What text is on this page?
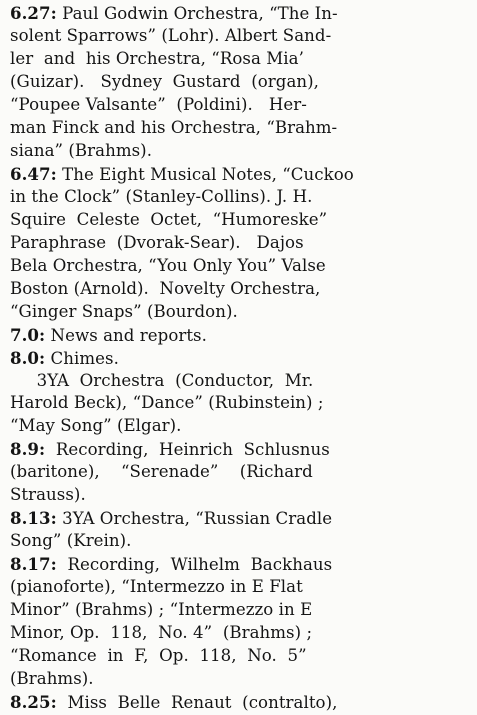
6.27: Paul Godwin Orchestra, “The In-
solent Sparrows” (Lohr). Albert Sand-
ler  and  his Orchestra, “Rosa Mia’
(Guizar).   Sydney  Gustard  (organ),
“Poupee Valsante”  (Poldini).   Her-
man Finck and his Orchestra, “Brahm-
siana” (Brahms).
6.47: The Eight Musical Notes, “Cuckoo
in the Clock” (Stanley-Collins). J. H.
Squire  Celeste  Octet,  “Humoreske”
Paraphrase  (Dvorak-Sear).   Dajos
Bela Orchestra, “You Only You” Valse
Boston (Arnold).  Novelty Orchestra,
“Ginger Snaps” (Bourdon).
7.0: News and reports.
8.0: Chimes.
3YA  Orchestra  (Conductor,  Mr.
Harold Beck), “Dance” (Rubinstein) ;
“May Song” (Elgar).
8.9:  Recording,  Heinrich  Schlusnus
(baritone),    “Serenade”    (Richard
Strauss).
8.13: 3YA Orchestra, “Russian Cradle
Song” (Krein).
8.17:  Recording,  Wilhelm  Backhaus
(pianoforte), “Intermezzo in E Flat
Minor” (Brahms) ; “Intermezzo in E
Minor, Op.  118,  No. 4”  (Brahms) ;
“Romance  in  F,  Op.  118,  No.  5”
(Brahms).
8.25:  Miss  Belle  Renaut  (contralto),
